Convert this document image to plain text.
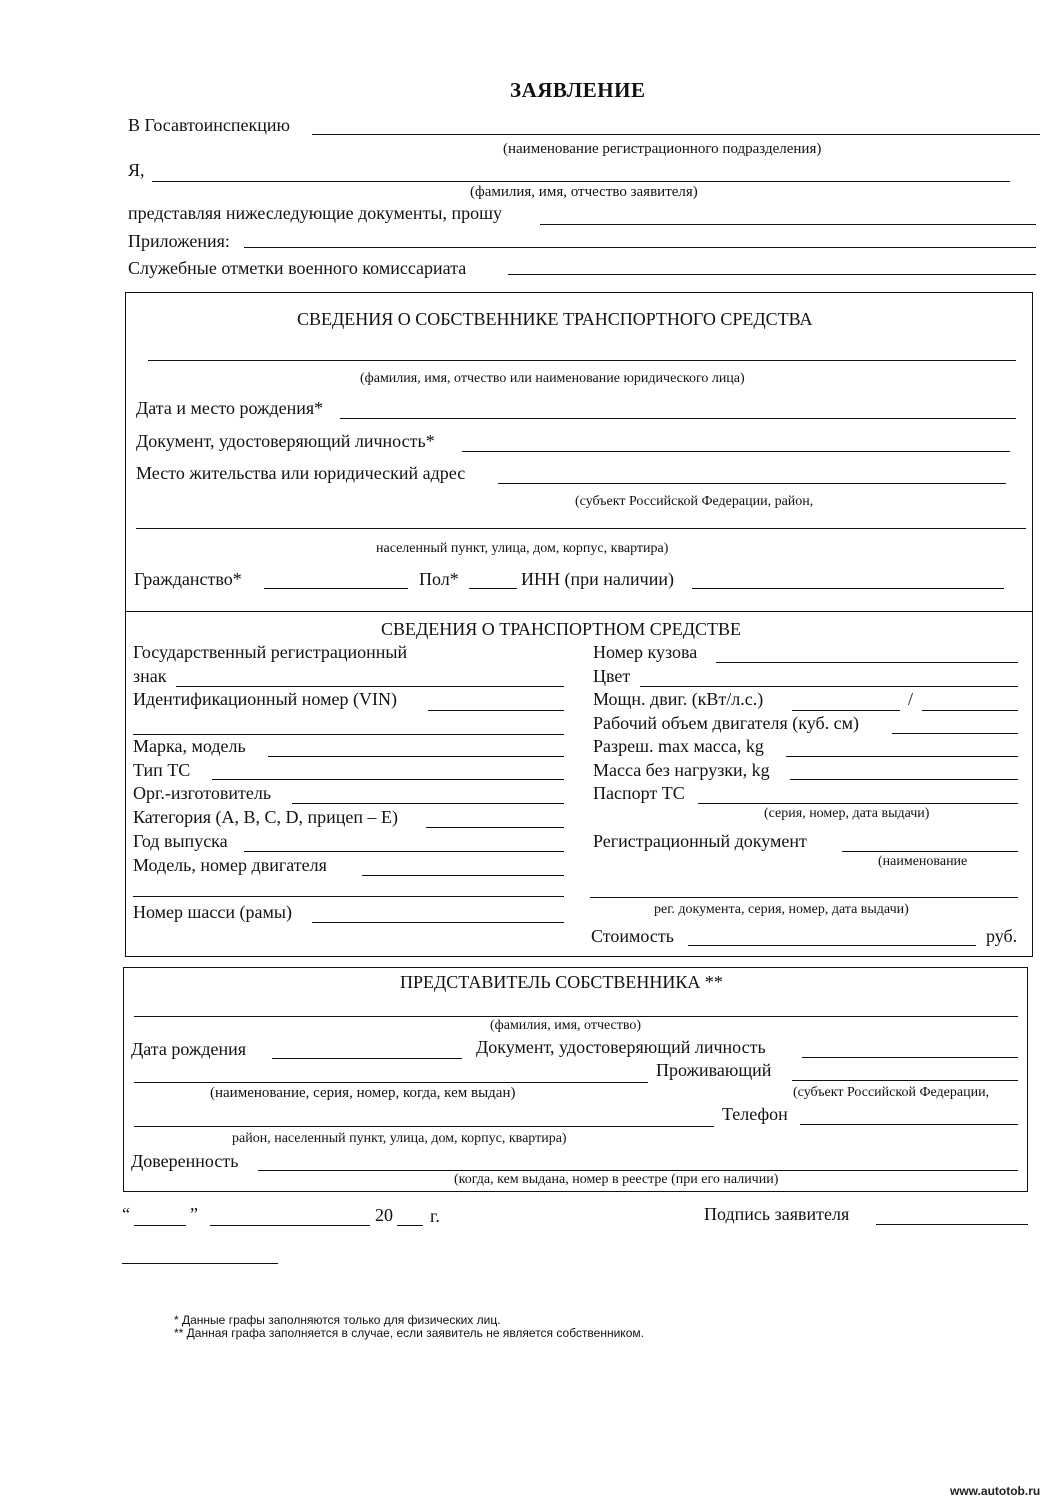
ЗАЯВЛЕНИЕ
В Госавтоинспекцию
(наименование регистрационного подразделения)
Я,
(фамилия, имя, отчество заявителя)
представляя нижеследующие документы, прошу
Приложения:
Служебные отметки военного комиссариата
СВЕДЕНИЯ О СОБСТВЕННИКЕ ТРАНСПОРТНОГО СРЕДСТВА
(фамилия, имя, отчество или наименование юридического лица)
Дата и место рождения*
Документ, удостоверяющий личность*
Место жительства или юридический адрес
(субъект Российской Федерации, район,
населенный пункт, улица, дом, корпус, квартира)
Гражданство*	Пол*	ИНН (при наличии)
СВЕДЕНИЯ О ТРАНСПОРТНОМ СРЕДСТВЕ
Государственный регистрационный
знак
Идентификационный номер (VIN)
Марка, модель
Тип ТС
Орг.-изготовитель
Категория (А, В, С, D, прицеп – Е)
Год выпуска
Модель, номер двигателя
Номер шасси (рамы)
Номер кузова
Цвет
Мощн. двиг. (кВт/л.с.)	/
Рабочий объем двигателя (куб. см)
Разреш. max масса, kg
Масса без нагрузки, kg
Паспорт ТС
(серия, номер, дата выдачи)
Регистрационный документ
(наименование
рег. документа, серия, номер, дата выдачи)
Стоимость	руб.
ПРЕДСТАВИТЕЛЬ СОБСТВЕННИКА **
(фамилия, имя, отчество)
Дата рождения	Документ, удостоверяющий личность
Проживающий
(наименование, серия, номер, когда, кем выдан)	(субъект Российской Федерации,
Телефон
район, населенный пункт, улица, дом, корпус, квартира)
Доверенность
(когда, кем выдана, номер в реестре (при его наличии)
“	”	20 г.	Подпись заявителя
* Данные графы заполняются только для физических лиц.
** Данная графа заполняется в случае, если заявитель не является собственником.
www.autotob.ru
